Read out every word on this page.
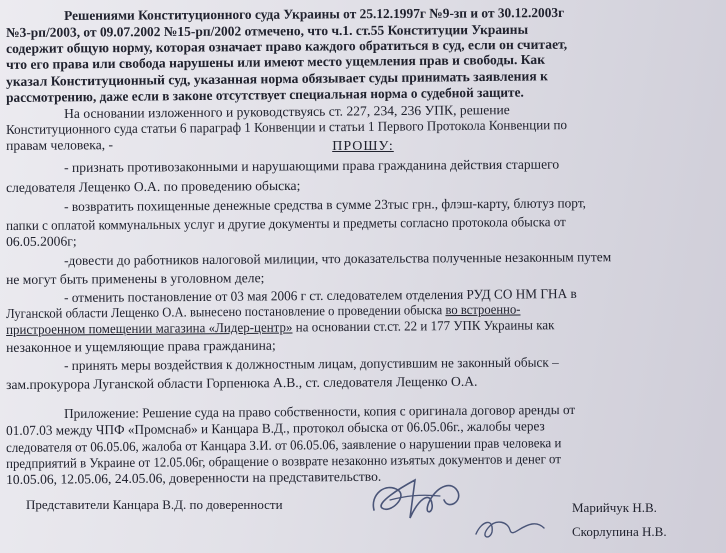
Решениями Конституционного суда Украины от 25.12.1997г №9-зп и от 30.12.2003г
№3-рп/2003, от 09.07.2002 №15-рп/2002 отмечено, что ч.1. ст.55 Конституции Украины
содержит общую норму, которая означает право каждого обратиться в суд, если он считает,
что его права или свобода нарушены или имеют место ущемления прав и свободы. Как
указал Конституционный суд, указанная норма обязывает суды принимать заявления к
рассмотрению, даже если в законе отсутствует специальная норма о судебной защите.
На основании изложенного и руководствуясь ст. 227, 234, 236 УПК, решение
Конституционного суда статьи 6 параграф 1 Конвенции и статьи 1 Первого Протокола Конвенции по
правам человека, -	ПРОШУ:
- признать противозаконными и нарушающими права гражданина действия старшего
следователя Лещенко О.А. по проведению обыска;
- возвратить похищенные денежные средства в сумме 23тыс грн., флэш-карту, блютуз порт,
папки с оплатой коммунальных услуг и другие документы и предметы согласно протокола обыска от
06.05.2006г;
-довести до работников налоговой милиции, что доказательства полученные незаконным путем
не могут быть применены в уголовном деле;
- отменить постановление от 03 мая 2006 г ст. следователем отделения РУД СО НМ ГНА в
Луганской области Лещенко О.А. вынесено постановление о проведении обыска во встроенно-
пристроенном помещении магазина «Лидер-центр» на основании ст.ст. 22 и 177 УПК Украины как
незаконное и ущемляющие права гражданина;
- принять меры воздействия к должностным лицам, допустившим не законный обыск –
зам.прокурора Луганской области Горпенюка А.В., ст. следователя Лещенко О.А.
Приложение: Решение суда на право собственности, копия с оригинала договор аренды от
01.07.03 между ЧПФ «Промснаб» и Канцара В.Д., протокол обыска от 06.05.06г., жалобы через
следователя от 06.05.06, жалоба от Канцара З.И. от 06.05.06, заявление о нарушении прав человека и
предприятий в Украине от 12.05.06г, обращение о возврате незаконно изъятых документов и денег от
10.05.06, 12.05.06, 24.05.06, доверенности на представительство.
Представители Канцара В.Д. по доверенности	Марийчук Н.В.
Скорлупина Н.В.
